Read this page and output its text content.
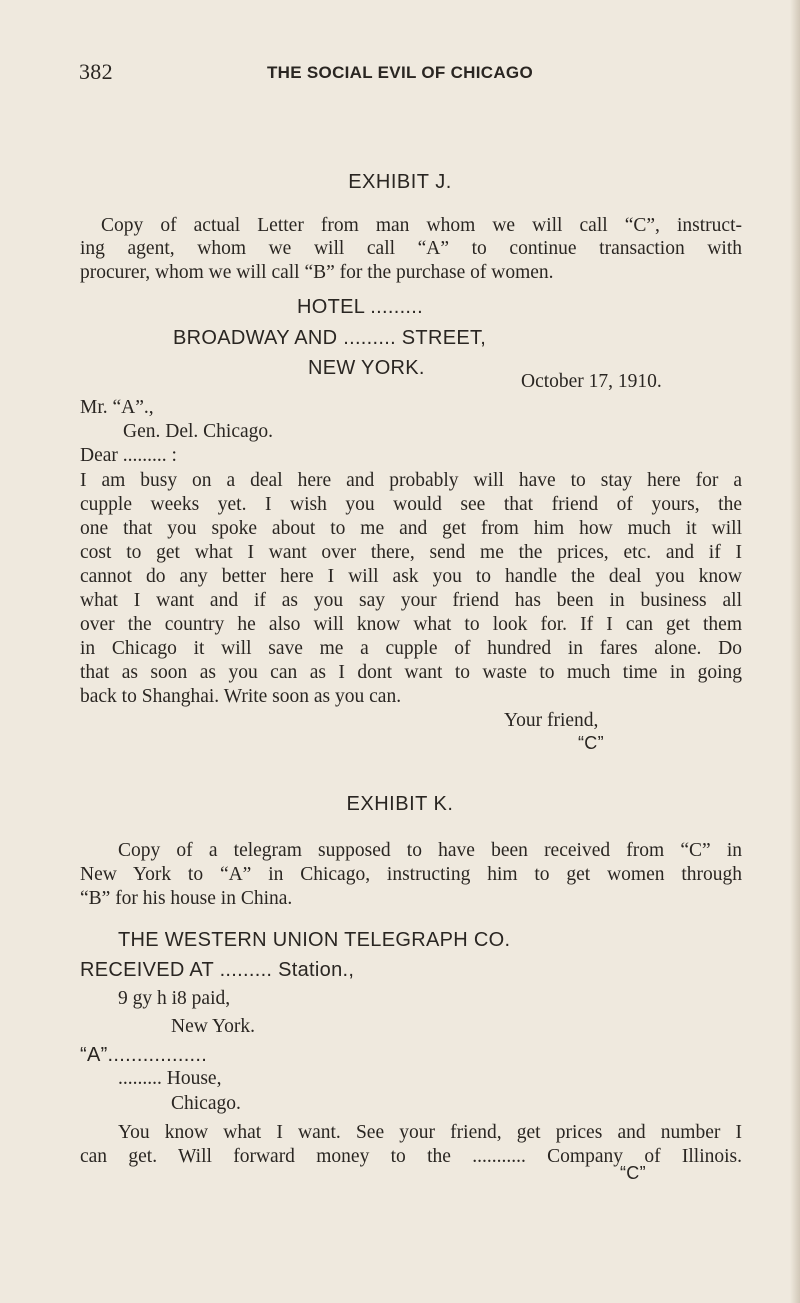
382	THE SOCIAL EVIL OF CHICAGO
EXHIBIT J.
Copy of actual Letter from man whom we will call “C”, instruct-
ing agent, whom we will call “A” to continue transaction with
procurer, whom we will call “B” for the purchase of women.
HOTEL .........
BROADWAY AND ......... STREET,
NEW YORK.
October 17, 1910.
Mr. “A”.,
Gen. Del. Chicago.
Dear ......... :
I am busy on a deal here and probably will have to stay here for a
cupple weeks yet. I wish you would see that friend of yours, the
one that you spoke about to me and get from him how much it will
cost to get what I want over there, send me the prices, etc. and if I
cannot do any better here I will ask you to handle the deal you know
what I want and if as you say your friend has been in business all
over the country he also will know what to look for. If I can get them
in Chicago it will save me a cupple of hundred in fares alone. Do
that as soon as you can as I dont want to waste to much time in going
back to Shanghai. Write soon as you can.
Your friend,
“C”
EXHIBIT K.
Copy of a telegram supposed to have been received from “C” in
New York to “A” in Chicago, instructing him to get women through
“B” for his house in China.
THE WESTERN UNION TELEGRAPH CO.
RECEIVED AT ......... Station.,
9 gy h i8 paid,
New York.
“A”.................
......... House,
Chicago.
You know what I want. See your friend, get prices and number I
can get. Will forward money to the ........... Company of Illinois.
“C”
